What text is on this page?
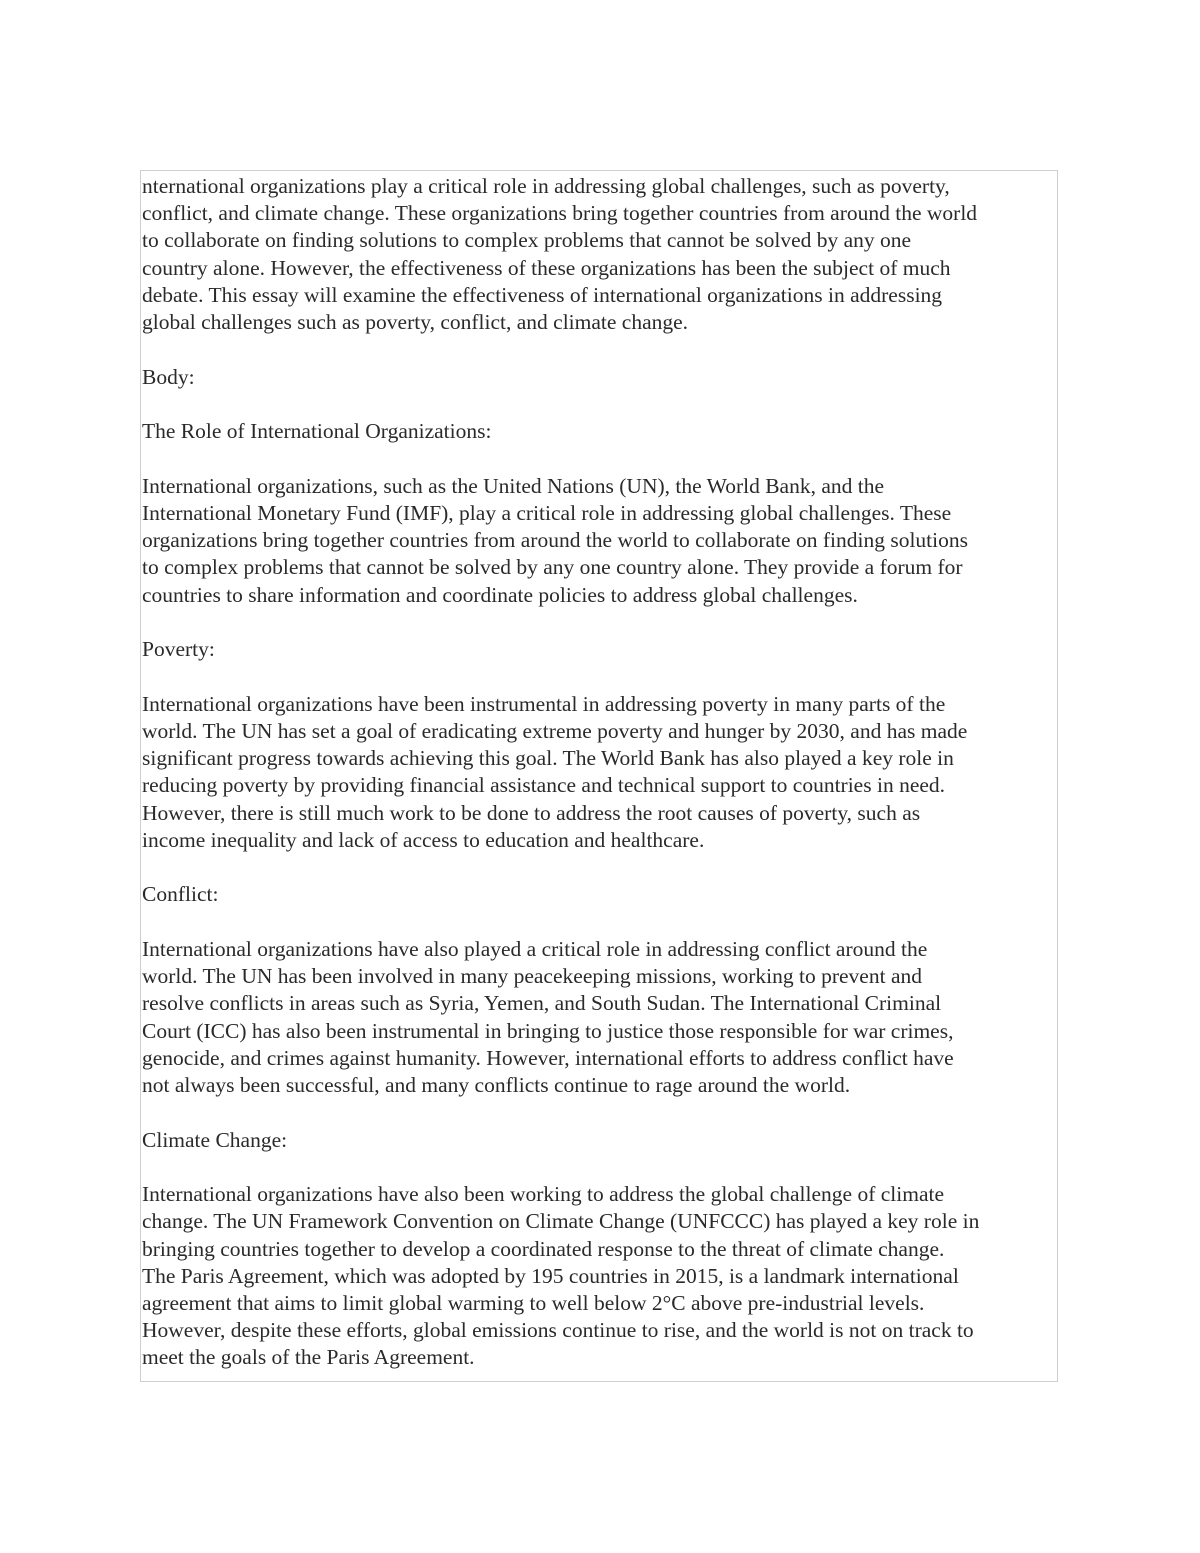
nternational organizations play a critical role in addressing global challenges, such as poverty,
conflict, and climate change. These organizations bring together countries from around the world
to collaborate on finding solutions to complex problems that cannot be solved by any one
country alone. However, the effectiveness of these organizations has been the subject of much
debate. This essay will examine the effectiveness of international organizations in addressing
global challenges such as poverty, conflict, and climate change.
Body:
The Role of International Organizations:
International organizations, such as the United Nations (UN), the World Bank, and the
International Monetary Fund (IMF), play a critical role in addressing global challenges. These
organizations bring together countries from around the world to collaborate on finding solutions
to complex problems that cannot be solved by any one country alone. They provide a forum for
countries to share information and coordinate policies to address global challenges.
Poverty:
International organizations have been instrumental in addressing poverty in many parts of the
world. The UN has set a goal of eradicating extreme poverty and hunger by 2030, and has made
significant progress towards achieving this goal. The World Bank has also played a key role in
reducing poverty by providing financial assistance and technical support to countries in need.
However, there is still much work to be done to address the root causes of poverty, such as
income inequality and lack of access to education and healthcare.
Conflict:
International organizations have also played a critical role in addressing conflict around the
world. The UN has been involved in many peacekeeping missions, working to prevent and
resolve conflicts in areas such as Syria, Yemen, and South Sudan. The International Criminal
Court (ICC) has also been instrumental in bringing to justice those responsible for war crimes,
genocide, and crimes against humanity. However, international efforts to address conflict have
not always been successful, and many conflicts continue to rage around the world.
Climate Change:
International organizations have also been working to address the global challenge of climate
change. The UN Framework Convention on Climate Change (UNFCCC) has played a key role in
bringing countries together to develop a coordinated response to the threat of climate change.
The Paris Agreement, which was adopted by 195 countries in 2015, is a landmark international
agreement that aims to limit global warming to well below 2°C above pre-industrial levels.
However, despite these efforts, global emissions continue to rise, and the world is not on track to
meet the goals of the Paris Agreement.
